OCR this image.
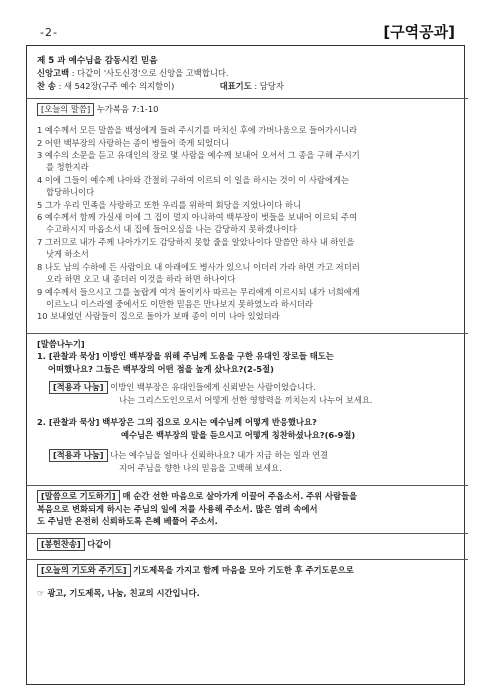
-2-	[구역공과]
제 5 과 예수님을 감동시킨 믿음
신앙고백 : 다같이 '사도신경'으로 신앙을 고백합니다.
찬 송 : 새 542장(구주 예수 의지함이)	대표기도 : 담당자
[오늘의 말씀] 누가복음 7:1-10
1 예수께서 모든 말씀을 백성에게 들려 주시기를 마치신 후에 가버나움으로 들어가시니라
2 어떤 백부장의 사랑하는 종이 병들어 죽게 되었더니
3 예수의 소문을 듣고 유대인의 장로 몇 사람을 예수께 보내어 오셔서 그 종을 구해 주시기
를 청한지라
4 이에 그들이 예수께 나아와 간절히 구하여 이르되 이 일을 하시는 것이 이 사람에게는
합당하니이다
5 그가 우리 민족을 사랑하고 또한 우리를 위하여 회당을 지었나이다 하니
6 예수께서 함께 가실새 이에 그 집이 멀지 아니하여 백부장이 벗들을 보내어 이르되 주여
수고하시지 마옵소서 내 집에 들어오심을 나는 감당하지 못하겠나이다
7 그러므로 내가 주께 나아가기도 감당하지 못할 줄을 알았나이다 말씀만 하사 내 하인을
낫게 하소서
8 나도 남의 수하에 든 사람이요 내 아래에도 병사가 있으니 이더러 가라 하면 가고 저더러
오라 하면 오고 내 종더러 이것을 하라 하면 하나이다
9 예수께서 들으시고 그를 놀랍게 여겨 돌이키사 따르는 무리에게 이르시되 내가 너희에게
이르노니 이스라엘 중에서도 이만한 믿음은 만나보지 못하였노라 하시더라
10 보내었던 사람들이 집으로 돌아가 보매 종이 이미 나아 있었더라
[말씀나누기]
1. [관찰과 묵상] 이방인 백부장을 위해 주님께 도움을 구한 유대인 장로들 태도는
어떠했나요? 그들은 백부장의 어떤 점을 높게 샀나요?(2-5절)
[적용과 나눔] 이방인 백부장은 유대인들에게 신뢰받는 사람이었습니다.
나는 그리스도인으로서 어떻게 선한 영향력을 끼치는지 나누어 보세요.
2. [관찰과 묵상] 백부장은 그의 집으로 오시는 예수님께 어떻게 반응했나요?
예수님은 백부장의 말을 듣으시고 어떻게 칭찬하셨나요?(6-9절)
[적용과 나눔] 나는 예수님을 얼마나 신뢰하나요? 내가 지금 하는 일과 연결
지어 주님을 향한 나의 믿음을 고백해 보세요.
[말씀으로 기도하기] 매 순간 선한 마음으로 살아가게 이끌어 주옵소서. 주위 사람들을
복음으로 변화되게 하시는 주님의 일에 저를 사용해 주소서. 많은 염려 속에서
도 주님만 온전히 신뢰하도록 은혜 베풀어 주소서.
[봉헌찬송] 다같이
[오늘의 기도와 주기도] 기도제목을 가지고 함께 마음을 모아 기도한 후 주기도문으로
☞ 광고, 기도제목, 나눔, 친교의 시간입니다.
